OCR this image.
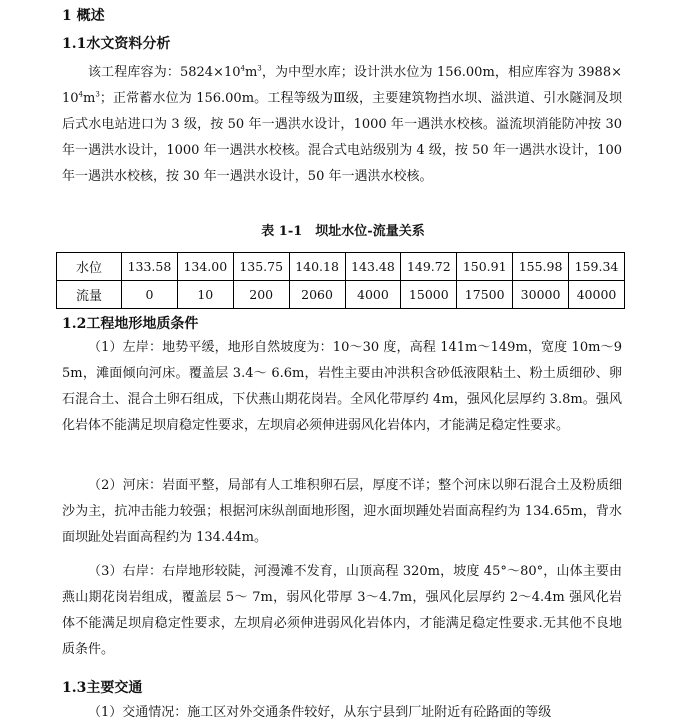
1 概述
1.1水文资料分析

该工程库容为：$5824\times 10^4m^3$，为中型水库；设计洪水位为 156.00m，相应库容为 $3988\times 10^4m^3$；正常蓄水位为 156.00m。工程等级为Ⅲ级，主要建筑物挡水坝、溢洪道、引水隧洞及坝后式水电站进口为 3 级，按 50 年一遇洪水设计，1000 年一遇洪水校核。溢流坝消能防冲按 30 年一遇洪水设计，1000 年一遇洪水校核。混合式电站级别为 4 级，按 50 年一遇洪水设计，100 年一遇洪水校核，按 30 年一遇洪水设计，50 年一遇洪水校核。

表 1-1　坝址水位-流量关系
水位	133.58	134.00	135.75	140.18	143.48	149.72	150.91	155.98	159.34
流量	0	10	200	2060	4000	15000	17500	30000	40000
1.2工程地形地质条件

（1）左岸：地势平缓，地形自然坡度为：10～30 度，高程 141m～149m，宽度 10m～95m，滩面倾向河床。覆盖层 3.4～ 6.6m，岩性主要由冲洪积含砂低液限粘土、粉土质细砂、卵石混合土、混合土卵石组成，下伏燕山期花岗岩。全风化带厚约 4m，强风化层厚约 3.8m。强风化岩体不能满足坝肩稳定性要求，左坝肩必须伸进弱风化岩体内，才能满足稳定性要求。

（2）河床：岩面平整，局部有人工堆积卵石层，厚度不详；整个河床以卵石混合土及粉质细沙为主，抗冲击能力较强；根据河床纵剖面地形图，迎水面坝踵处岩面高程约为 134.65m，背水面坝趾处岩面高程约为 134.44m。

（3）右岸：右岸地形较陡，河漫滩不发育，山顶高程 320m，坡度 45°～80°，山体主要由燕山期花岗岩组成，覆盖层 5～ 7m，弱风化带厚 3～4.7m，强风化层厚约 2～4.4m 强风化岩体不能满足坝肩稳定性要求，左坝肩必须伸进弱风化岩体内，才能满足稳定性要求.无其他不良地质条件。

1.3主要交通

（1）交通情况：施工区对外交通条件较好，从东宁县到厂址附近有砼路面的等级
